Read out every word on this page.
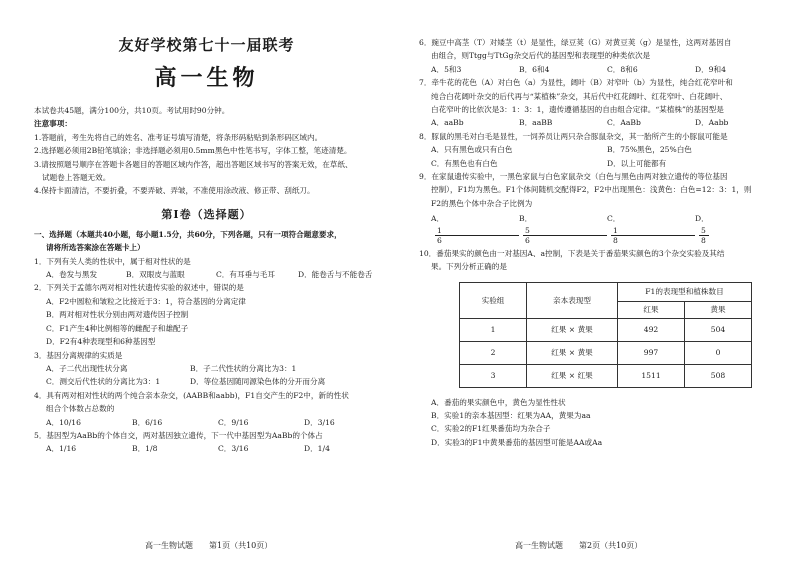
友好学校第七十一届联考
高一生物
本试卷共45题，满分100分，共10页。考试用时90分钟。
注意事项：
1.答题前，考生先将自己的姓名、准考证号填写清楚，将条形码粘贴到条形码区域内。
2.选择题必须用2B铅笔填涂；非选择题必须用0.5mm黑色中性笔书写，字体工整，笔迹清楚。
3.请按照题号顺序在答题卡各题目的答题区域内作答，超出答题区域书写的答案无效，在草纸、
试题卷上答题无效。
4.保持卡面清洁，不要折叠，不要弄破、弄皱，不准使用涂改液、修正带、刮纸刀。
第Ⅰ卷（选择题）
一、选择题（本题共40小题，每小题1.5分，共60分，下列各题，只有一项符合题意要求，
请将所选答案涂在答题卡上）
1．下列有关人类的性状中，属于相对性状的是
A．卷发与黑发	B．双眼皮与蓝眼	C．有耳垂与毛耳	D．能卷舌与不能卷舌
2．下列关于孟德尔两对相对性状遗传实验的叙述中，错误的是
A．F2中圆粒和皱粒之比接近于3：1，符合基因的分离定律
B．两对相对性状分别由两对遗传因子控制
C．F1产生4种比例相等的雌配子和雄配子
D．F2有4种表现型和6种基因型
3．基因分离规律的实质是
A．子二代出现性状分离	B．子二代性状的分离比为3：1
C．测交后代性状的分离比为3：1	D．等位基因随同源染色体的分开而分离
4．具有两对相对性状的两个纯合亲本杂交，(AABB和aabb)，F1自交产生的F2中，新的性状
组合个体数占总数的
A．10/16	B．6/16	C．9/16	D．3/16
5．基因型为AaBb的个体自交，两对基因独立遗传，下一代中基因型为AaBb的个体占
A．1/16	B．1/8	C．3/16	D．1/4
高一生物试题　　第1页（共10页）
6．豌豆中高茎（T）对矮茎（t）是显性，绿豆荚（G）对黄豆荚（g）是显性，这两对基因自
由组合，则Ttgg与TtGg杂交后代的基因型和表现型的种类依次是
A．5和3	B．6和4	C．8和6	D．9和4
7．牵牛花的花色（A）对白色（a）为显性，阔叶（B）对窄叶（b）为显性，纯合红花窄叶和
纯合白花阔叶杂交的后代再与“某植株”杂交，其后代中红花阔叶、红花窄叶、白花阔叶、
白花窄叶的比依次是3：1：3：1，遗传遵循基因的自由组合定律。“某植株”的基因型是
A．aaBb	B．aaBB	C．AaBb	D．Aabb
8．豚鼠的黑毛对白毛是显性，一饲养员让两只杂合豚鼠杂交，其一胎所产生的小豚鼠可能是
A．只有黑色或只有白色	B．75%黑色，25%白色
C．有黑色也有白色	D．以上可能都有
9．在家鼠遗传实验中，一黑色家鼠与白色家鼠杂交（白色与黑色由两对独立遗传的等位基因
控制），F1均为黑色。F1个体间随机交配得F2，F2中出现黑色：浅黄色：白色=12：3：1，则
F2的黑色个体中杂合子比例为
A．
1
6
B．
5
6
C．
1
8
D．
5
8
10．番茄果实的颜色由一对基因A、a控制，下表是关于番茄果实颜色的3个杂交实验及其结
果。下列分析正确的是
实验组	亲本表现型	F1的表现型和植株数目	
		红果	黄果
1	红果 × 黄果	492	504
2	红果 × 黄果	997	0
3	红果 × 红果	1511	508
A．番茄的果实颜色中，黄色为显性性状
B．实验1的亲本基因型：红果为AA，黄果为aa
C．实验2的F1红果番茄均为杂合子
D．实验3的F1中黄果番茄的基因型可能是AA或Aa
高一生物试题　　第2页（共10页）
